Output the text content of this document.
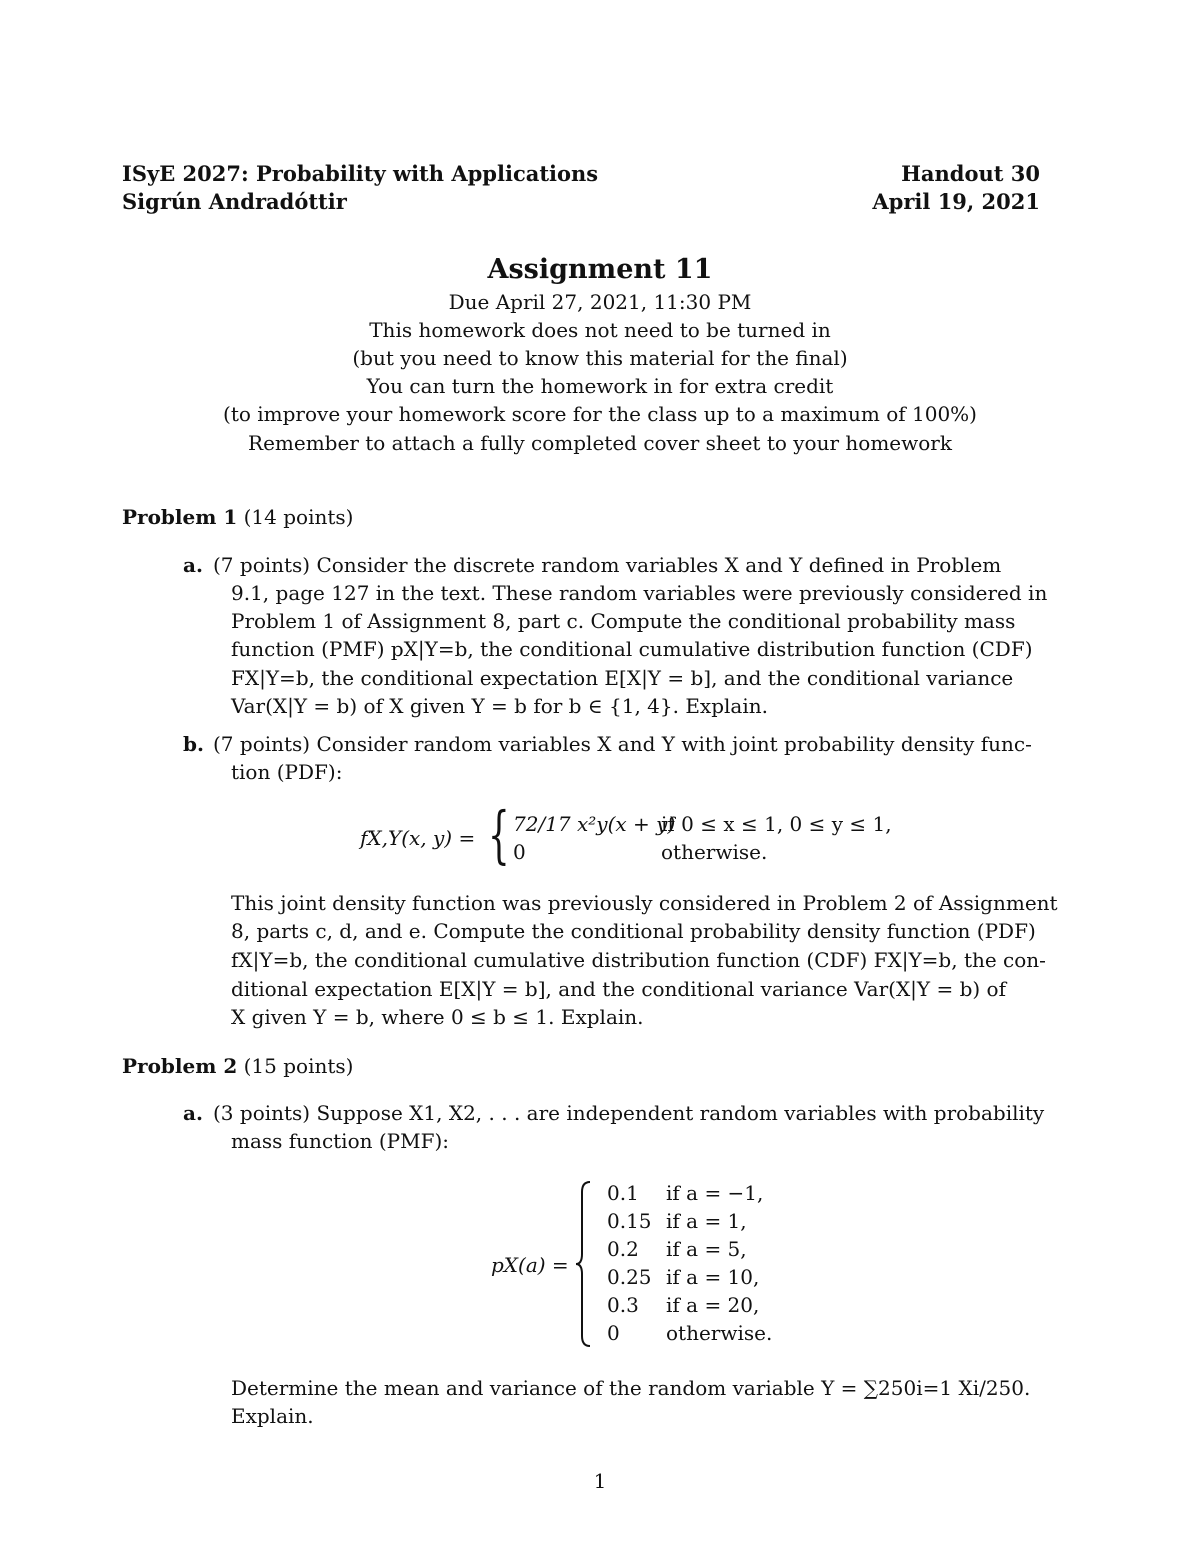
ISyE 2027: Probability with Applications
Sigrún Andradóttir
Handout 30
April 19, 2021
Assignment 11
Due April 27, 2021, 11:30 PM
This homework does not need to be turned in
(but you need to know this material for the final)
You can turn the homework in for extra credit
(to improve your homework score for the class up to a maximum of 100%)
Remember to attach a fully completed cover sheet to your homework
Problem 1 (14 points)
a. (7 points) Consider the discrete random variables X and Y defined in Problem
9.1, page 127 in the text. These random variables were previously considered in
Problem 1 of Assignment 8, part c. Compute the conditional probability mass
function (PMF) pX|Y=b, the conditional cumulative distribution function (CDF)
FX|Y=b, the conditional expectation E[X|Y = b], and the conditional variance
Var(X|Y = b) of X given Y = b for b ∈ {1, 4}. Explain.
b. (7 points) Consider random variables X and Y with joint probability density func-
tion (PDF):
fX,Y(x, y) = { 72/17 x²y(x + y)
if 0 ≤ x ≤ 1, 0 ≤ y ≤ 1,
0	otherwise.
This joint density function was previously considered in Problem 2 of Assignment
8, parts c, d, and e. Compute the conditional probability density function (PDF)
fX|Y=b, the conditional cumulative distribution function (CDF) FX|Y=b, the con-
ditional expectation E[X|Y = b], and the conditional variance Var(X|Y = b) of
X given Y = b, where 0 ≤ b ≤ 1. Explain.
Problem 2 (15 points)
a. (3 points) Suppose X1, X2, . . . are independent random variables with probability
mass function (PMF):
pX(a) =
0.1 if a = −1,
0.15 if a = 1,
0.2 if a = 5,
0.25 if a = 10,
0.3 if a = 20,
0 otherwise.
Determine the mean and variance of the random variable Y = ∑250i=1 Xi/250.
Explain.
1
